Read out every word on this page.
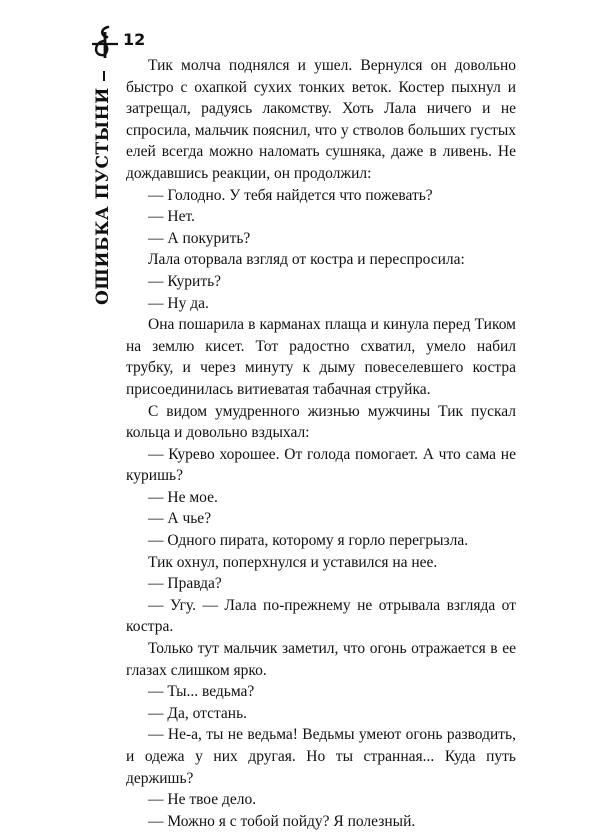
12
ОШИБКА ПУСТЫНИ

Тик молча поднялся и ушел. Вернулся он довольно быстро с охапкой сухих тонких веток. Костер пыхнул и затрещал, радуясь лакомству. Хоть Лала ничего и не спросила, мальчик пояснил, что у стволов больших густых елей всегда можно наломать сушняка, даже в ливень. Не дождавшись реакции, он продолжил:

— Голодно. У тебя найдется что пожевать?

— Нет.

— А покурить?

Лала оторвала взгляд от костра и переспросила:

— Курить?

— Ну да.

Она пошарила в карманах плаща и кинула перед Тиком на землю кисет. Тот радостно схватил, умело набил трубку, и через минуту к дыму повеселевшего костра присоединилась витиеватая табачная струйка.

С видом умудренного жизнью мужчины Тик пускал кольца и довольно вздыхал:

— Курево хорошее. От голода помогает. А что сама не куришь?

— Не мое.

— А чье?

— Одного пирата, которому я горло перегрызла.

Тик охнул, поперхнулся и уставился на нее.

— Правда?

— Угу. — Лала по-прежнему не отрывала взгляда от костра.

Только тут мальчик заметил, что огонь отражается в ее глазах слишком ярко.

— Ты... ведьма?

— Да, отстань.

— Не-а, ты не ведьма! Ведьмы умеют огонь разводить, и одежа у них другая. Но ты странная... Куда путь держишь?

— Не твое дело.

— Можно я с тобой пойду? Я полезный.
